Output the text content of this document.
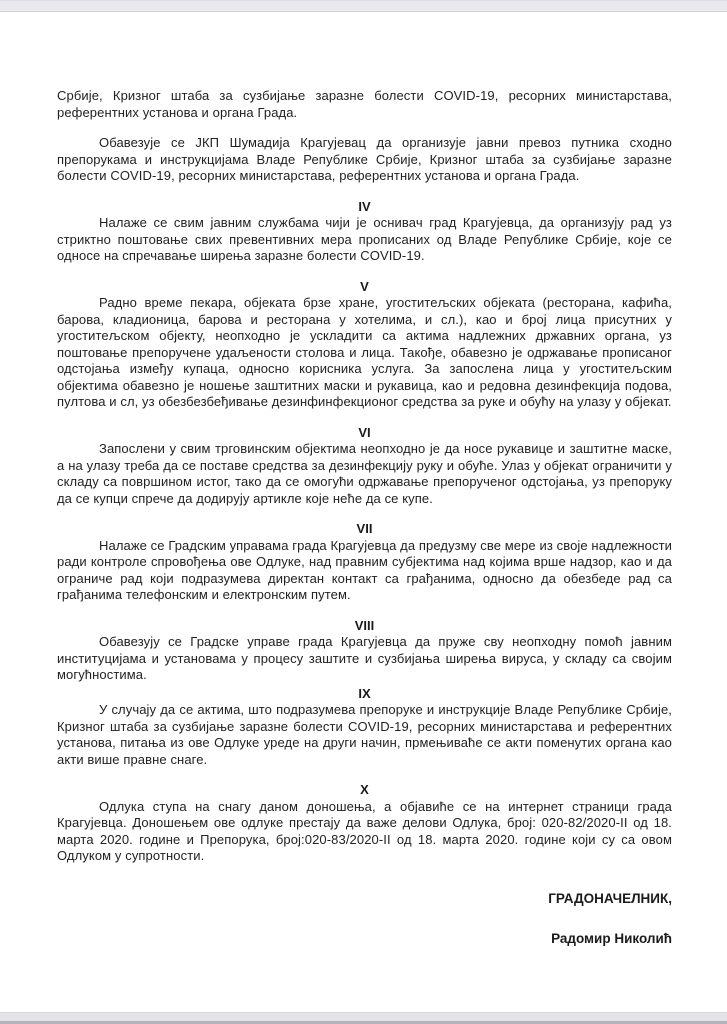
Србије, Кризног штаба за сузбијање заразне болести COVID-19, ресорних министарстава, референтних установа и органа Града.

Обавезује се ЈКП Шумадија Крагујевац да организује јавни превоз путника сходно препорукама и инструкцијама Владе Републике Србије, Кризног штаба за сузбијање заразне болести COVID-19, ресорних министарстава, референтних установа и органа Града.

IV

Налаже се свим јавним службама чији је оснивач град Крагујевца, да организују рад уз стриктно поштовање свих превентивних мера прописаних од Владе Републике Србије, које се односе на спречавање ширења заразне болести COVID-19.

V

Радно време пекара, објеката брзе хране, угоститељских објеката (ресторана, кафића, барова, кладионица, барова и ресторана у хотелима, и сл.), као и број лица присутних у угоститељском објекту, неопходно је ускладити са актима надлежних државних органа, уз поштовање препоручене удаљености столова и лица. Такође, обавезно је одржавање прописаног одстојања између купаца, односно корисника услуга. За запослена лица у угоститељским објектима обавезно је ношење заштитних маски и рукавица, као и редовна дезинфекција подова, пултова и сл, уз обезбезбеђивање дезинфинфекционог средства за руке и обућу на улазу у објекат.

VI

Запослени у свим трговинским објектима неопходно је да носе рукавице и заштитне маске, а на улазу треба да се поставе средства за дезинфекцију руку и обуће. Улаз у објекат ограничити у складу са површином истог, тако да се омогући одржавање препорученог одстојања, уз препоруку да се купци спрече да додирују артикле које неће да се купе.

VII

Налаже се Градским управама града Крагујевца да предузму све мере из своје надлежности ради контроле спровођења ове Одлуке, над правним субјектима над којима врше надзор, као и да ограниче рад који подразумева директан контакт са грађанима, односно да обезбеде рад са грађанима телефонским и електронским путем.

VIII

Обавезују се Градске управе града Крагујевца да пруже сву неопходну помоћ јавним институцијама и установама у процесу заштите и сузбијања ширења вируса, у складу са својим могућностима.

IX

У случају да се актима, што подразумева препоруке и инструкције Владе Републике Србије, Кризног штаба за сузбијање заразне болести COVID-19, ресорних министарстава и референтних установа, питања из ове Одлуке уреде на други начин, прмењиваће се акти поменутих органа као акти више правне снаге.

X

Одлука ступа на снагу даном доношења, а објавиће се на интернет страници града Крагујевца. Доношењем ове одлуке престају да важе делови Одлука, број: 020-82/2020-II од 18. марта 2020. године и Препорука, број:020-83/2020-II од 18. марта 2020. године који су са овом Одлуком у супротности.

ГРАДОНАЧЕЛНИК,

Радомир Николић
